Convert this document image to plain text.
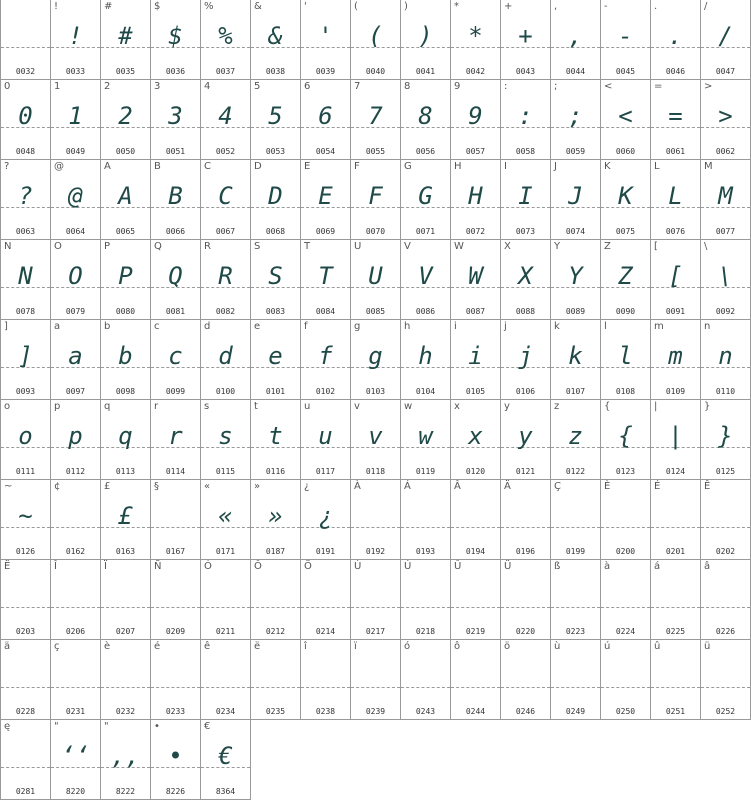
0032
!
!
0033
#
#
0035
$
$
0036
%
%
0037
&
&
0038
'
'
0039
(
(
0040
)
)
0041
*
*
0042
+
+
0043
,
,
0044
-
-
0045
.
.
0046
/
/
0047
0
0
0048
1
1
0049
2
2
0050
3
3
0051
4
4
0052
5
5
0053
6
6
0054
7
7
0055
8
8
0056
9
9
0057
:
:
0058
;
;
0059
<
<
0060
=
=
0061
>
>
0062
?
?
0063
@
@
0064
A
A
0065
B
B
0066
C
C
0067
D
D
0068
E
E
0069
F
F
0070
G
G
0071
H
H
0072
I
I
0073
J
J
0074
K
K
0075
L
L
0076
M
M
0077
N
N
0078
O
O
0079
P
P
0080
Q
Q
0081
R
R
0082
S
S
0083
T
T
0084
U
U
0085
V
V
0086
W
W
0087
X
X
0088
Y
Y
0089
Z
Z
0090
[
[
0091
\
\
0092
]
]
0093
a
a
0097
b
b
0098
c
c
0099
d
d
0100
e
e
0101
f
f
0102
g
g
0103
h
h
0104
i
i
0105
j
j
0106
k
k
0107
l
l
0108
m
m
0109
n
n
0110
o
o
0111
p
p
0112
q
q
0113
r
r
0114
s
s
0115
t
t
0116
u
u
0117
v
v
0118
w
w
0119
x
x
0120
y
y
0121
z
z
0122
{
{
0123
|
|
0124
}
}
0125
~
~
0126
¢
0162
£
£
0163
§
0167
«
«
0171
»
»
0187
¿
¿
0191
À
0192
Á
0193
Â
0194
Ä
0196
Ç
0199
È
0200
É
0201
Ê
0202
Ë
0203
Î
0206
Ï
0207
Ñ
0209
Ó
0211
Ô
0212
Ö
0214
Ù
0217
Ú
0218
Û
0219
Ü
0220
ß
0223
à
0224
á
0225
â
0226
ä
0228
ç
0231
è
0232
é
0233
ê
0234
ë
0235
î
0238
ï
0239
ó
0243
ô
0244
ö
0246
ù
0249
ú
0250
û
0251
ü
0252
ę
0281
"
‘‘
8220
"
,,
8222
•
•
8226
€
€
8364
